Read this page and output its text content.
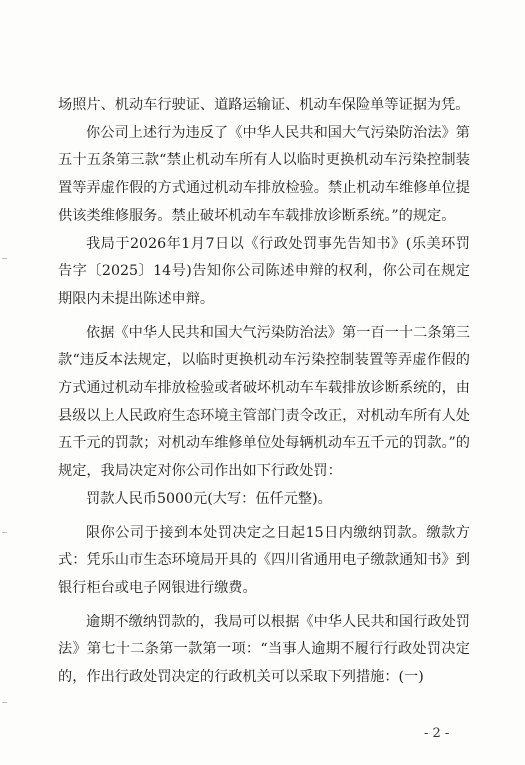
场照片、机动车行驶证、道路运输证、机动车保险单等证据为凭。

你公司上述行为违反了《中华人民共和国大气污染防治法》第五十五条第三款“禁止机动车所有人以临时更换机动车污染控制装置等弄虚作假的方式通过机动车排放检验。禁止机动车维修单位提供该类维修服务。禁止破坏机动车车载排放诊断系统。”的规定。

我局于2026年1月7日以《行政处罚事先告知书》(乐美环罚告字〔2025〕14号)告知你公司陈述申辩的权利，你公司在规定期限内未提出陈述申辩。

依据《中华人民共和国大气污染防治法》第一百一十二条第三款“违反本法规定，以临时更换机动车污染控制装置等弄虚作假的方式通过机动车排放检验或者破坏机动车车载排放诊断系统的，由县级以上人民政府生态环境主管部门责令改正，对机动车所有人处五千元的罚款；对机动车维修单位处每辆机动车五千元的罚款。”的规定，我局决定对你公司作出如下行政处罚：

罚款人民币5000元(大写：伍仟元整)。

限你公司于接到本处罚决定之日起15日内缴纳罚款。缴款方式：凭乐山市生态环境局开具的《四川省通用电子缴款通知书》到银行柜台或电子网银进行缴费。

逾期不缴纳罚款的，我局可以根据《中华人民共和国行政处罚法》第七十二条第一款第一项：“当事人逾期不履行行政处罚决定的，作出行政处罚决定的行政机关可以采取下列措施：(一)

- 2 -
